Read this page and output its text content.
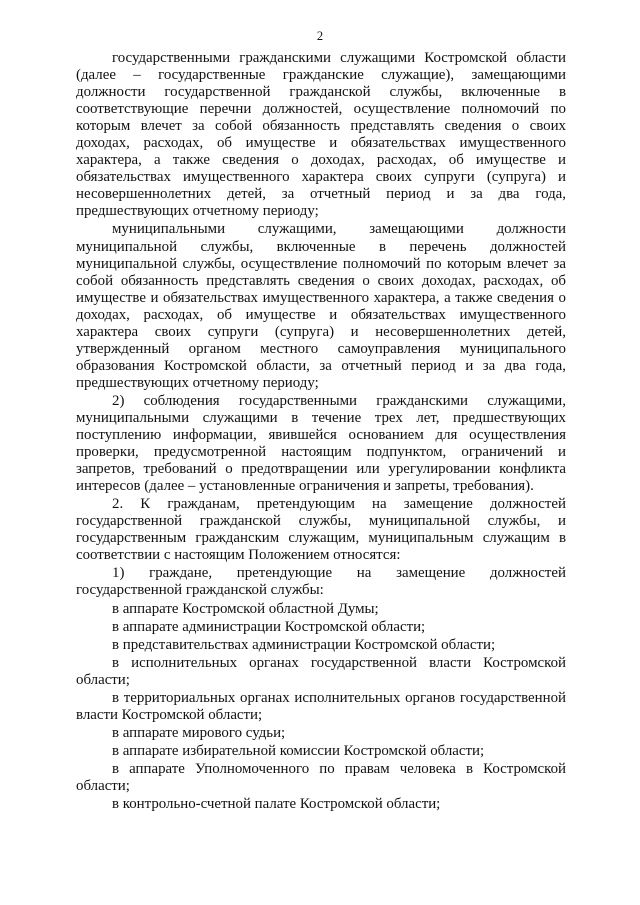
2

государственными гражданскими служащими Костромской области (далее – государственные гражданские служащие), замещающими должности государственной гражданской службы, включенные в соответствующие перечни должностей, осуществление полномочий по которым влечет за собой обязанность представлять сведения о своих доходах, расходах, об имуществе и обязательствах имущественного характера, а также сведения о доходах, расходах, об имуществе и обязательствах имущественного характера своих супруги (супруга) и несовершеннолетних детей, за отчетный период и за два года, предшествующих отчетному периоду;

муниципальными служащими, замещающими должности муниципальной службы, включенные в перечень должностей муниципальной службы, осуществление полномочий по которым влечет за собой обязанность представлять сведения о своих доходах, расходах, об имуществе и обязательствах имущественного характера, а также сведения о доходах, расходах, об имуществе и обязательствах имущественного характера своих супруги (супруга) и несовершеннолетних детей, утвержденный органом местного самоуправления муниципального образования Костромской области, за отчетный период и за два года, предшествующих отчетному периоду;

2) соблюдения государственными гражданскими служащими, муниципальными служащими в течение трех лет, предшествующих поступлению информации, явившейся основанием для осуществления проверки, предусмотренной настоящим подпунктом, ограничений и запретов, требований о предотвращении или урегулировании конфликта интересов (далее – установленные ограничения и запреты, требования).

2. К гражданам, претендующим на замещение должностей государственной гражданской службы, муниципальной службы, и государственным гражданским служащим, муниципальным служащим в соответствии с настоящим Положением относятся:

1) граждане, претендующие на замещение должностей государственной гражданской службы:

в аппарате Костромской областной Думы;

в аппарате администрации Костромской области;

в представительствах администрации Костромской области;

в исполнительных органах государственной власти Костромской области;

в территориальных органах исполнительных органов государственной власти Костромской области;

в аппарате мирового судьи;

в аппарате избирательной комиссии Костромской области;

в аппарате Уполномоченного по правам человека в Костромской области;

в контрольно-счетной палате Костромской области;
